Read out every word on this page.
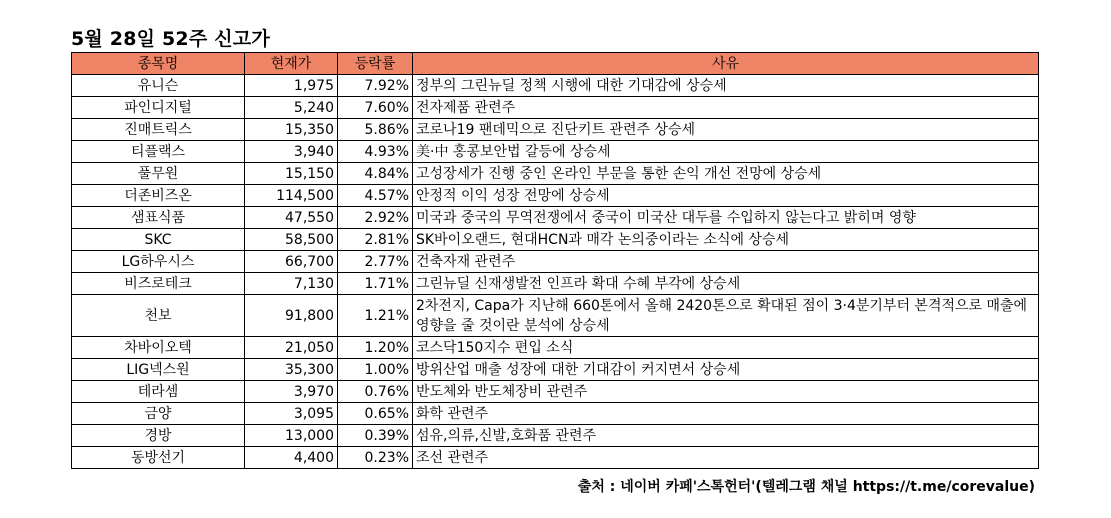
5월 28일 52주 신고가
종목명	현재가	등락률	사유
유니슨	1,975	7.92%	정부의 그린뉴딜 정책 시행에 대한 기대감에 상승세
파인디지털	5,240	7.60%	전자제품 관련주
진매트릭스	15,350	5.86%	코로나19 팬데믹으로 진단키트 관련주 상승세
티플랙스	3,940	4.93%	美·中 홍콩보안법 갈등에 상승세
풀무원	15,150	4.84%	고성장세가 진행 중인 온라인 부문을 통한 손익 개선 전망에 상승세
더존비즈온	114,500	4.57%	안정적 이익 성장 전망에 상승세
샘표식품	47,550	2.92%	미국과 중국의 무역전쟁에서 중국이 미국산 대두를 수입하지 않는다고 밝히며 영향
SKC	58,500	2.81%	SK바이오랜드, 현대HCN과 매각 논의중이라는 소식에 상승세
LG하우시스	66,700	2.77%	건축자재 관련주
비즈로테크	7,130	1.71%	그린뉴딜 신재생발전 인프라 확대 수혜 부각에 상승세
천보	91,800	1.21%	2차전지, Capa가 지난해 660톤에서 올해 2420톤으로 확대된 점이 3·4분기부터 본격적으로 매출에 영향을 줄 것이란 분석에 상승세
차바이오텍	21,050	1.20%	코스닥150지수 편입 소식
LIG넥스원	35,300	1.00%	방위산업 매출 성장에 대한 기대감이 커지면서 상승세
테라셈	3,970	0.76%	반도체와 반도체장비 관련주
금양	3,095	0.65%	화학 관련주
경방	13,000	0.39%	섬유,의류,신발,호화품 관련주
동방선기	4,400	0.23%	조선 관련주
출처 : 네이버 카페'스톡헌터'(텔레그램 채널 https://t.me/corevalue)
